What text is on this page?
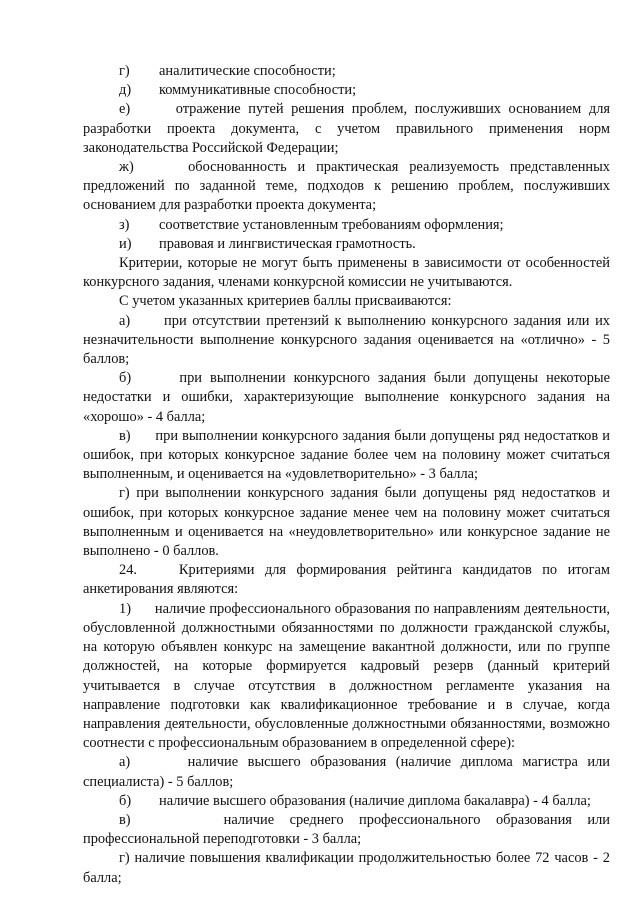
г) аналитические способности;

д) коммуникативные способности;

е)      отражение путей решения проблем, послуживших основанием для разработки проекта документа, с учетом правильного применения норм законодательства Российской Федерации;

ж)     обоснованность и практическая реализуемость представленных предложений по заданной теме, подходов к решению проблем, послуживших основанием для разработки проекта документа;

з) соответствие установленным требованиям оформления;

и) правовая и лингвистическая грамотность.

Критерии, которые не могут быть применены в зависимости от особенностей конкурсного задания, членами конкурсной комиссии не учитываются.

С учетом указанных критериев баллы присваиваются:

а)      при отсутствии претензий к выполнению конкурсного задания или их незначительности выполнение конкурсного задания оценивается на «отлично» - 5 баллов;

б)      при выполнении конкурсного задания были допущены некоторые недостатки и ошибки, характеризующие выполнение конкурсного задания на «хорошо» - 4 балла;

в)      при выполнении конкурсного задания были допущены ряд недостатков и ошибок, при которых конкурсное задание более чем на половину может считаться выполненным, и оценивается на «удовлетворительно» - 3 балла;

г) при выполнении конкурсного задания были допущены ряд недостатков и ошибок, при которых конкурсное задание менее чем на половину может считаться выполненным и оценивается на «неудовлетворительно» или конкурсное задание не выполнено - 0 баллов.

24.    Критериями для формирования рейтинга кандидатов по итогам анкетирования являются:

1)      наличие профессионального образования по направлениям деятельности, обусловленной должностными обязанностями по должности гражданской службы, на которую объявлен конкурс на замещение вакантной должности, или по группе должностей, на которые формируется кадровый резерв (данный критерий учитывается в случае отсутствия в должностном регламенте указания на направление подготовки как квалификационное требование и в случае, когда направления деятельности, обусловленные должностными обязанностями, возможно соотнести с профессиональным образованием в определенной сфере):

а)      наличие высшего образования (наличие диплома магистра или специалиста) - 5 баллов;

б) наличие высшего образования (наличие диплома бакалавра) - 4 балла;

в)      наличие среднего профессионального образования или профессиональной переподготовки - 3 балла;

г) наличие повышения квалификации продолжительностью более 72 часов - 2 балла;
